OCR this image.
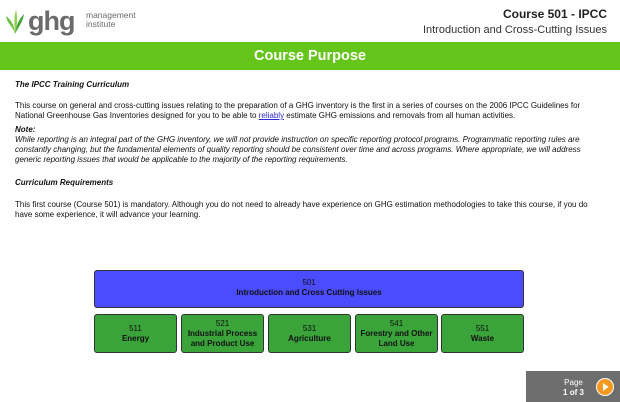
ghg management
institute
Course 501 - IPCC
Introduction and Cross-Cutting Issues
Course Purpose
The IPCC Training Curriculum
This course on general and cross-cutting issues relating to the preparation of a GHG inventory is the first in a series of courses on the 2006 IPCC Guidelines for National Greenhouse Gas Inventories designed for you to be able to reliably estimate GHG emissions and removals from all human activities.
Note:
While reporting is an integral part of the GHG inventory, we will not provide instruction on specific reporting protocol programs. Programmatic reporting rules are constantly changing, but the fundamental elements of quality reporting should be consistent over time and across programs. Where appropriate, we will address generic reporting issues that would be applicable to the majority of the reporting requirements.
Curriculum Requirements
This first course (Course 501) is mandatory. Although you do not need to already have experience on GHG estimation methodologies to take this course, if you do have some experience, it will advance your learning.
501
Introduction and Cross Cutting Issues
511
Energy
521
Industrial Process and Product Use
531
Agriculture
541
Forestry and Other Land Use
551
Waste
Page
1 of 3
